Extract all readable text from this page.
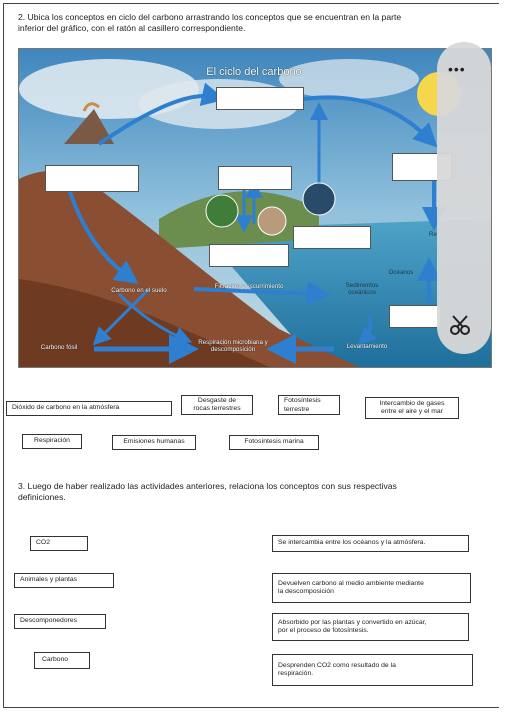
2. Ubica los conceptos en ciclo del carbono arrastrando los conceptos que se encuentran en la parte
inferior del gráfico, con el ratón al casillero correspondiente.
El ciclo del carbono
Carbono en el suelo
Filtración y escurrimiento	Sedimentos oceánicos
Océanos
Carbono fósil
Respiración microbiana y descomposición	Levantamiento
Re
•••
Dióxido de carbono en la atmósfera
Desgaste de
rocas terrestres
Fotosíntesis
terrestre
Intercambio de gases
entre el aire y el mar
Respiración	Emisiones humanas	Fotosíntesis marina
3. Luego de haber realizado las actividades anteriores, relaciona los conceptos con sus respectivas
definiciones.
CO2
Animales y plantas
Descomponedores
Carbono
Se intercambia entre los océanos y la atmósfera.
Devuelven carbono al medio ambiente mediante
la descomposición
Absorbido por las plantas y convertido en azúcar,
por el proceso de fotosíntesis.
Desprenden CO2 como resultado de la
respiración.
